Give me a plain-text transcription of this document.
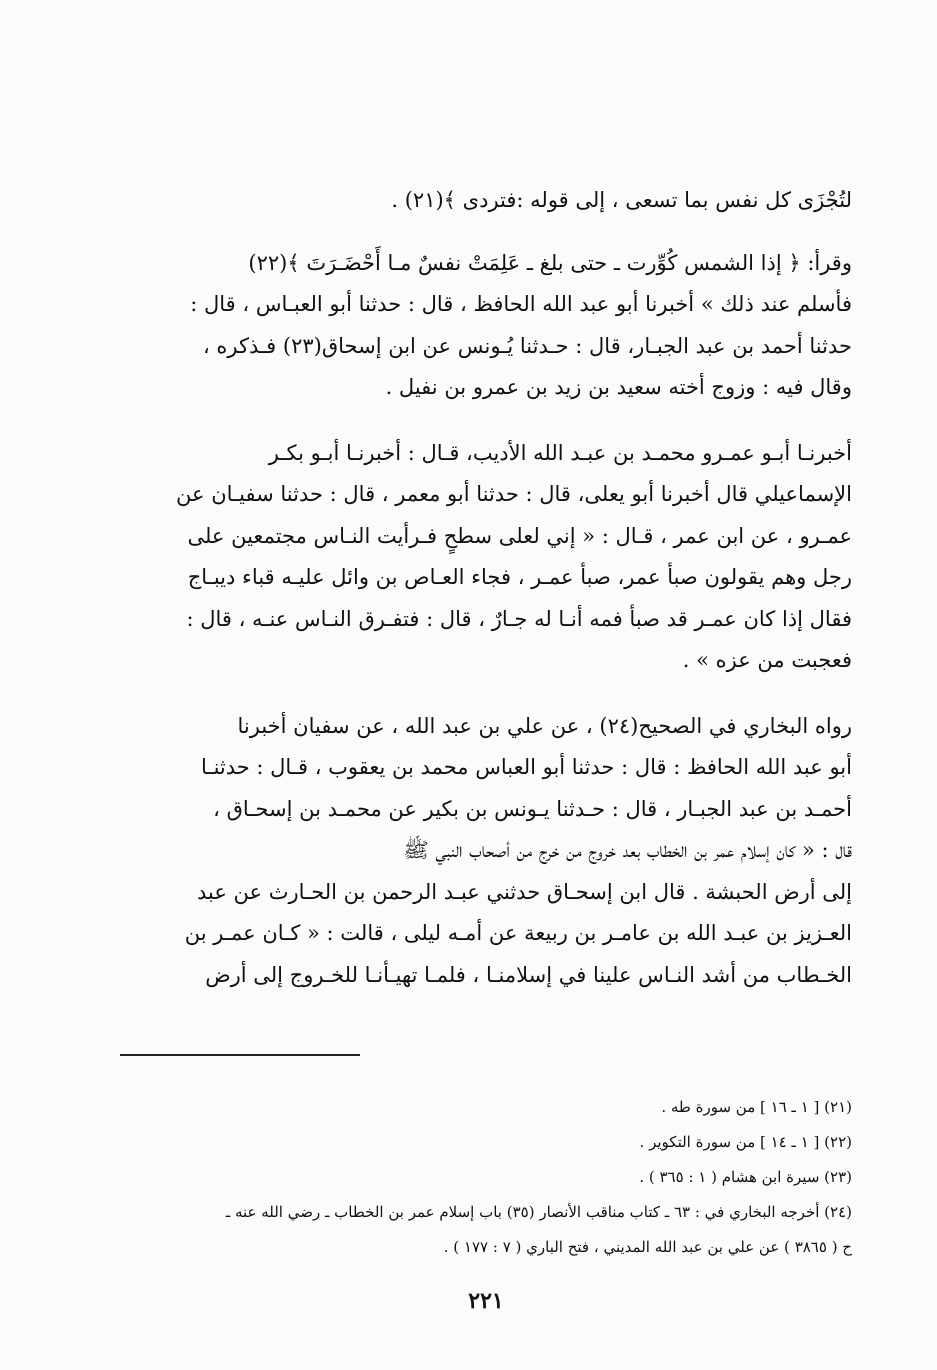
لتُجْزَى كل نفس بما تسعى ، إلى قوله :فتردى ﴾(٢١) .
وقرأ: ﴿ إذا الشمس كُوِّرت ـ حتى بلغ ـ عَلِمَتْ نفسٌ مـا أَحْضَـرَتَ ﴾(٢٢)
فأسلم عند ذلك » أخبرنا أبو عبد الله الحافظ ، قال : حدثنا أبو العبـاس ، قال :
حدثنا أحمد بن عبد الجبـار، قال : حـدثنا يُـونس عن ابن إسحاق(٢٣) فـذكره ،
وقال فيه : وزوج أخته سعيد بن زيد بن عمرو بن نفيل .
أخبرنـا أبـو عمـرو محمـد بن عبـد الله الأديب، قـال : أخبرنـا أبـو بكـر
الإسماعيلي قال أخبرنا أبو يعلى، قال : حدثنا أبو معمر ، قال : حدثنا سفيـان عن
عمـرو ، عن ابن عمر ، قـال : « إني لعلى سطحٍ فـرأيت النـاس مجتمعين على
رجل وهم يقولون صبأ عمر، صبأ عمـر ، فجاء العـاص بن وائل عليـه قباء ديبـاج
فقال إذا كان عمـر قد صبأ فمه أنـا له جـارٌ ، قال : فتفـرق النـاس عنـه ، قال :
فعجبت من عزه » .
رواه البخاري في الصحيح(٢٤) ، عن علي بن عبد الله ، عن سفيان أخبرنا
أبو عبد الله الحافظ : قال : حدثنا أبو العباس محمد بن يعقوب ، قـال : حدثنـا
أحمـد بن عبد الجبـار ، قال : حـدثنا يـونس بن بكير عن محمـد بن إسحـاق ،
قال : « كان إسلام عمر بن الخطاب بعد خروج من خرج من أصحاب النبي ﷺ
إلى أرض الحبشة . قال ابن إسحـاق حدثني عبـد الرحمن بن الحـارث عن عبد
العـزيز بن عبـد الله بن عامـر بن ربيعة عن أمـه ليلى ، قالت : « كـان عمـر بن
الخـطاب من أشد النـاس علينا في إسلامنـا ، فلمـا تهيـأنـا للخـروج إلى أرض
(٢١) [ ١ ـ ١٦ ] من سورة طه .
(٢٢) [ ١ ـ ١٤ ] من سورة التكوير .
(٢٣) سيرة ابن هشام ( ١ : ٣٦٥ ) .
(٢٤) أخرجه البخاري في : ٦٣ ـ كتاب مناقب الأنصار (٣٥) باب إسلام عمر بن الخطاب ـ رضي الله عنه ـ
ح ( ٣٨٦٥ ) عن علي بن عبد الله المديني ، فتح الباري ( ٧ : ١٧٧ ) .
٢٢١
